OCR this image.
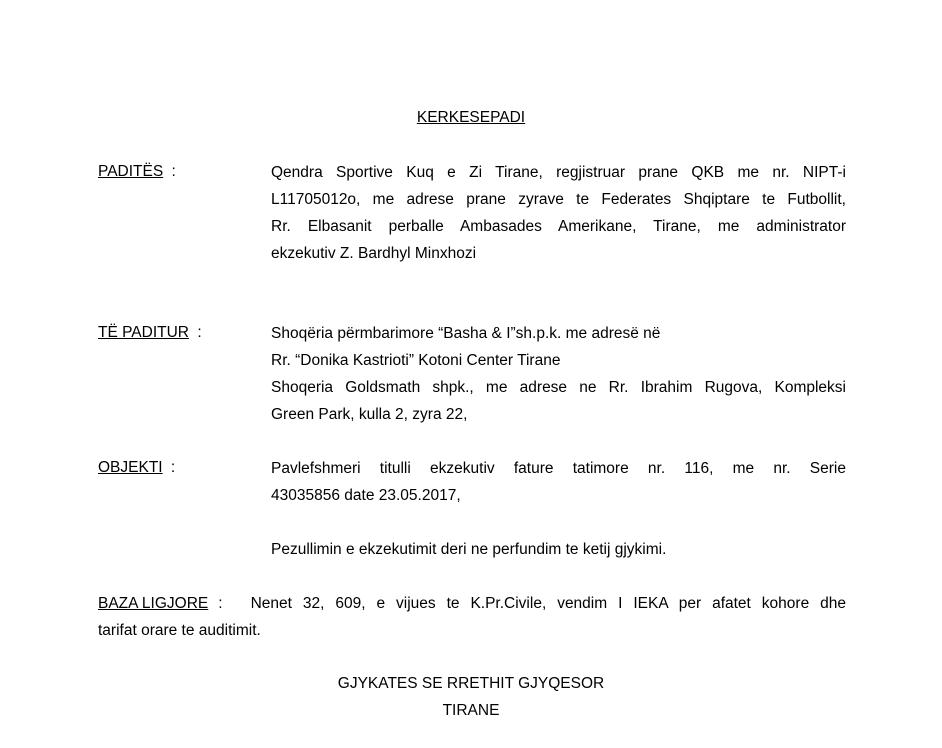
KERKESEPADI
PADITËS :	Qendra Sportive Kuq e Zi Tirane, regjistruar prane QKB me nr. NIPT-i
L11705012o, me adrese prane zyrave te Federates Shqiptare te Futbollit,
Rr. Elbasanit perballe Ambasades Amerikane, Tirane, me administrator
ekzekutiv Z. Bardhyl Minxhozi
TË PADITUR :	Shoqëria përmbarimore “Basha & I”sh.p.k. me adresë në
Rr. “Donika Kastrioti” Kotoni Center Tirane
Shoqeria Goldsmath shpk., me adrese ne Rr. Ibrahim Rugova, Kompleksi
Green Park, kulla 2, zyra 22,
OBJEKTI :	Pavlefshmeri titulli ekzekutiv fature tatimore nr. 116, me nr. Serie
43035856 date 23.05.2017,
Pezullimin e ekzekutimit deri ne perfundim te ketij gjykimi.
BAZA LIGJORE : Nenet 32, 609, e vijues te K.Pr.Civile, vendim I IEKA per afatet kohore dhe
tarifat orare te auditimit.
GJYKATES SE RRETHIT GJYQESOR
TIRANE
